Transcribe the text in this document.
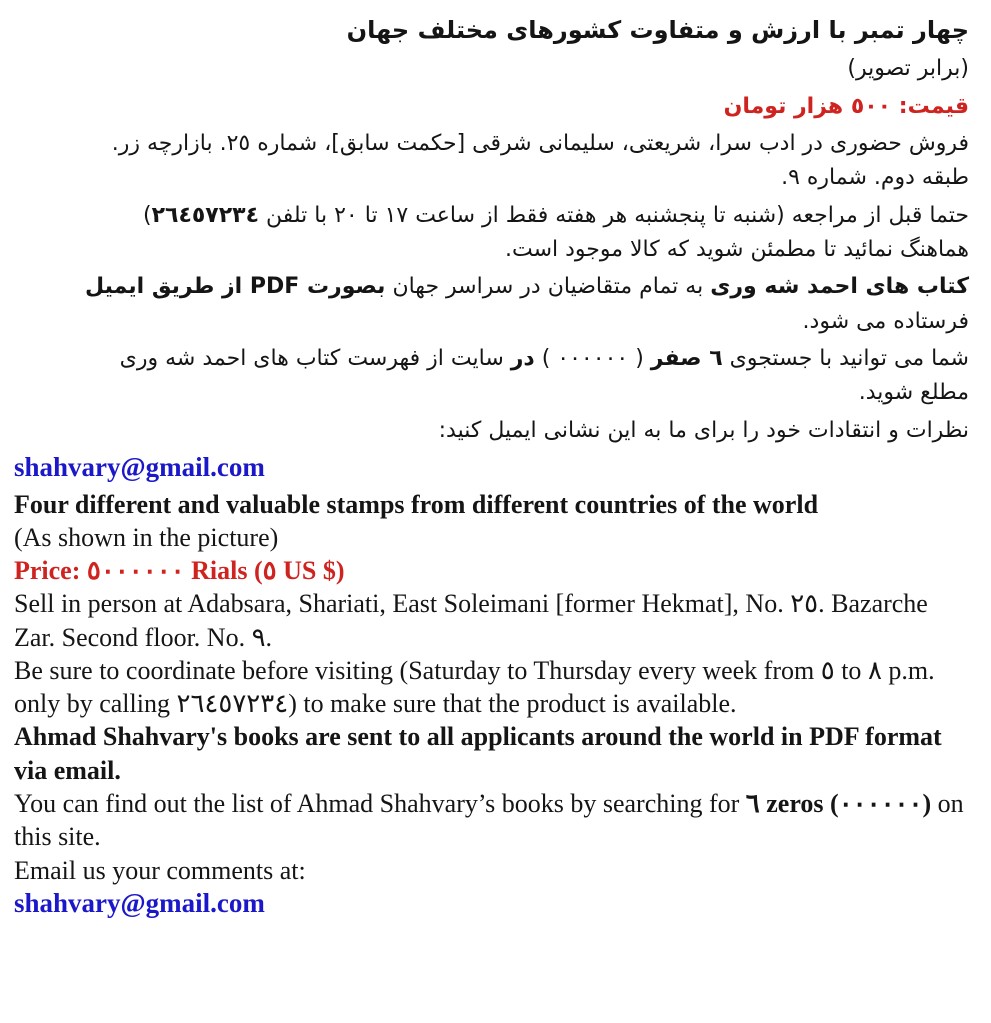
چهار تمبر با ارزش و متفاوت کشورهای مختلف جهان

(برابر تصویر)

قیمت: ٥٠٠ هزار تومان

فروش حضوری در ادب سرا، شریعتی، سلیمانی شرقی [حکمت سابق]، شماره ٢٥. بازارچه زر.
طبقه دوم. شماره ٩.

حتما قبل از مراجعه (شنبه تا پنجشنبه هر هفته فقط از ساعت ١٧ تا ٢٠ با تلفن ٢٦٤٥٧٢٣٤)
هماهنگ نمائید تا مطمئن شوید که کالا موجود است.

کتاب های احمد شه وری به تمام متقاضیان در سراسر جهان بصورت PDF از طریق ایمیل
فرستاده می شود.

شما می توانید با جستجوی ٦ صفر ( ٠٠٠٠٠٠ ) در سایت از فهرست کتاب های احمد شه وری
مطلع شوید.

نظرات و انتقادات خود را برای ما به این نشانی ایمیل کنید:

shahvary@gmail.com

Four different and valuable stamps from different countries of the world

(As shown in the picture)

Price: ٥٠٠٠٠٠٠ Rials (٥ US $)

Sell in person at Adabsara, Shariati, East Soleimani [former Hekmat], No. ٢٥. Bazarche Zar. Second floor. No. ٩.

Be sure to coordinate before visiting (Saturday to Thursday every week from ٥ to ٨ p.m. only by calling ٢٦٤٥٧٢٣٤) to make sure that the product is available.

Ahmad Shahvary's books are sent to all applicants around the world in PDF format via email.

You can find out the list of Ahmad Shahvary’s books by searching for ٦ zeros (٠٠٠٠٠٠) on this site.

Email us your comments at:

shahvary@gmail.com
